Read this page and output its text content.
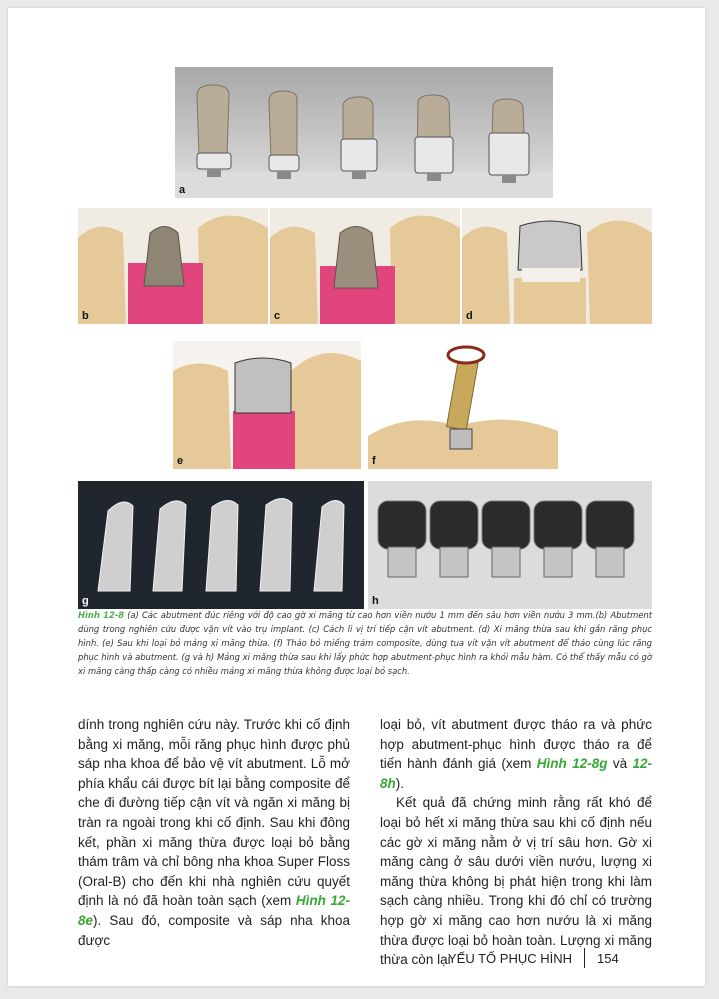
a
b	c	d
e	f
g	h
Hình 12-8 (a) Các abutment đúc riêng với độ cao gờ xi măng từ cao hơn viền nướu 1 mm đến sâu hơn viền nướu 3 mm.(b) Abutment dùng trong nghiên cứu được vặn vít vào trụ implant. (c) Cách li vị trí tiếp cận vít abutment. (d) Xi măng thừa sau khi gắn răng phục hình. (e) Sau khi loại bỏ mảng xi măng thừa. (f) Tháo bỏ miếng trám composite, dùng tua vít vặn vít abutment để tháo cùng lúc răng phục hình và abutment. (g và h) Mảng xi măng thừa sau khi lấy phức hợp abutment-phục hình ra khỏi mẫu hàm. Có thể thấy mẫu có gờ xi măng càng thấp càng có nhiều mảng xi măng thừa không được loại bỏ sạch.

dính trong nghiên cứu này. Trước khi cố định bằng xi măng, mỗi răng phục hình được phủ sáp nha khoa để bảo vệ vít abutment. Lỗ mở phía khẩu cái được bít lại bằng composite để che đi đường tiếp cận vít và ngăn xi măng bị tràn ra ngoài trong khi cố định. Sau khi đông kết, phần xi măng thừa được loại bỏ bằng thám trâm và chỉ bông nha khoa Super Floss (Oral-B) cho đến khi nhà nghiên cứu quyết định là nó đã hoàn toàn sạch (xem Hình 12-8e). Sau đó, composite và sáp nha khoa được

loại bỏ, vít abutment được tháo ra và phức hợp abutment-phục hình được tháo ra để tiến hành đánh giá (xem Hình 12-8g và 12-8h).

Kết quả đã chứng minh rằng rất khó để loại bỏ hết xi măng thừa sau khi cố định nếu các gờ xi măng nằm ở vị trí sâu hơn. Gờ xi măng càng ở sâu dưới viền nướu, lượng xi măng thừa không bị phát hiện trong khi làm sạch càng nhiều. Trong khi đó chỉ có trường hợp gờ xi măng cao hơn nướu là xi măng thừa được loại bỏ hoàn toàn. Lượng xi măng thừa còn lại

YẾU TỐ PHỤC HÌNH 154
